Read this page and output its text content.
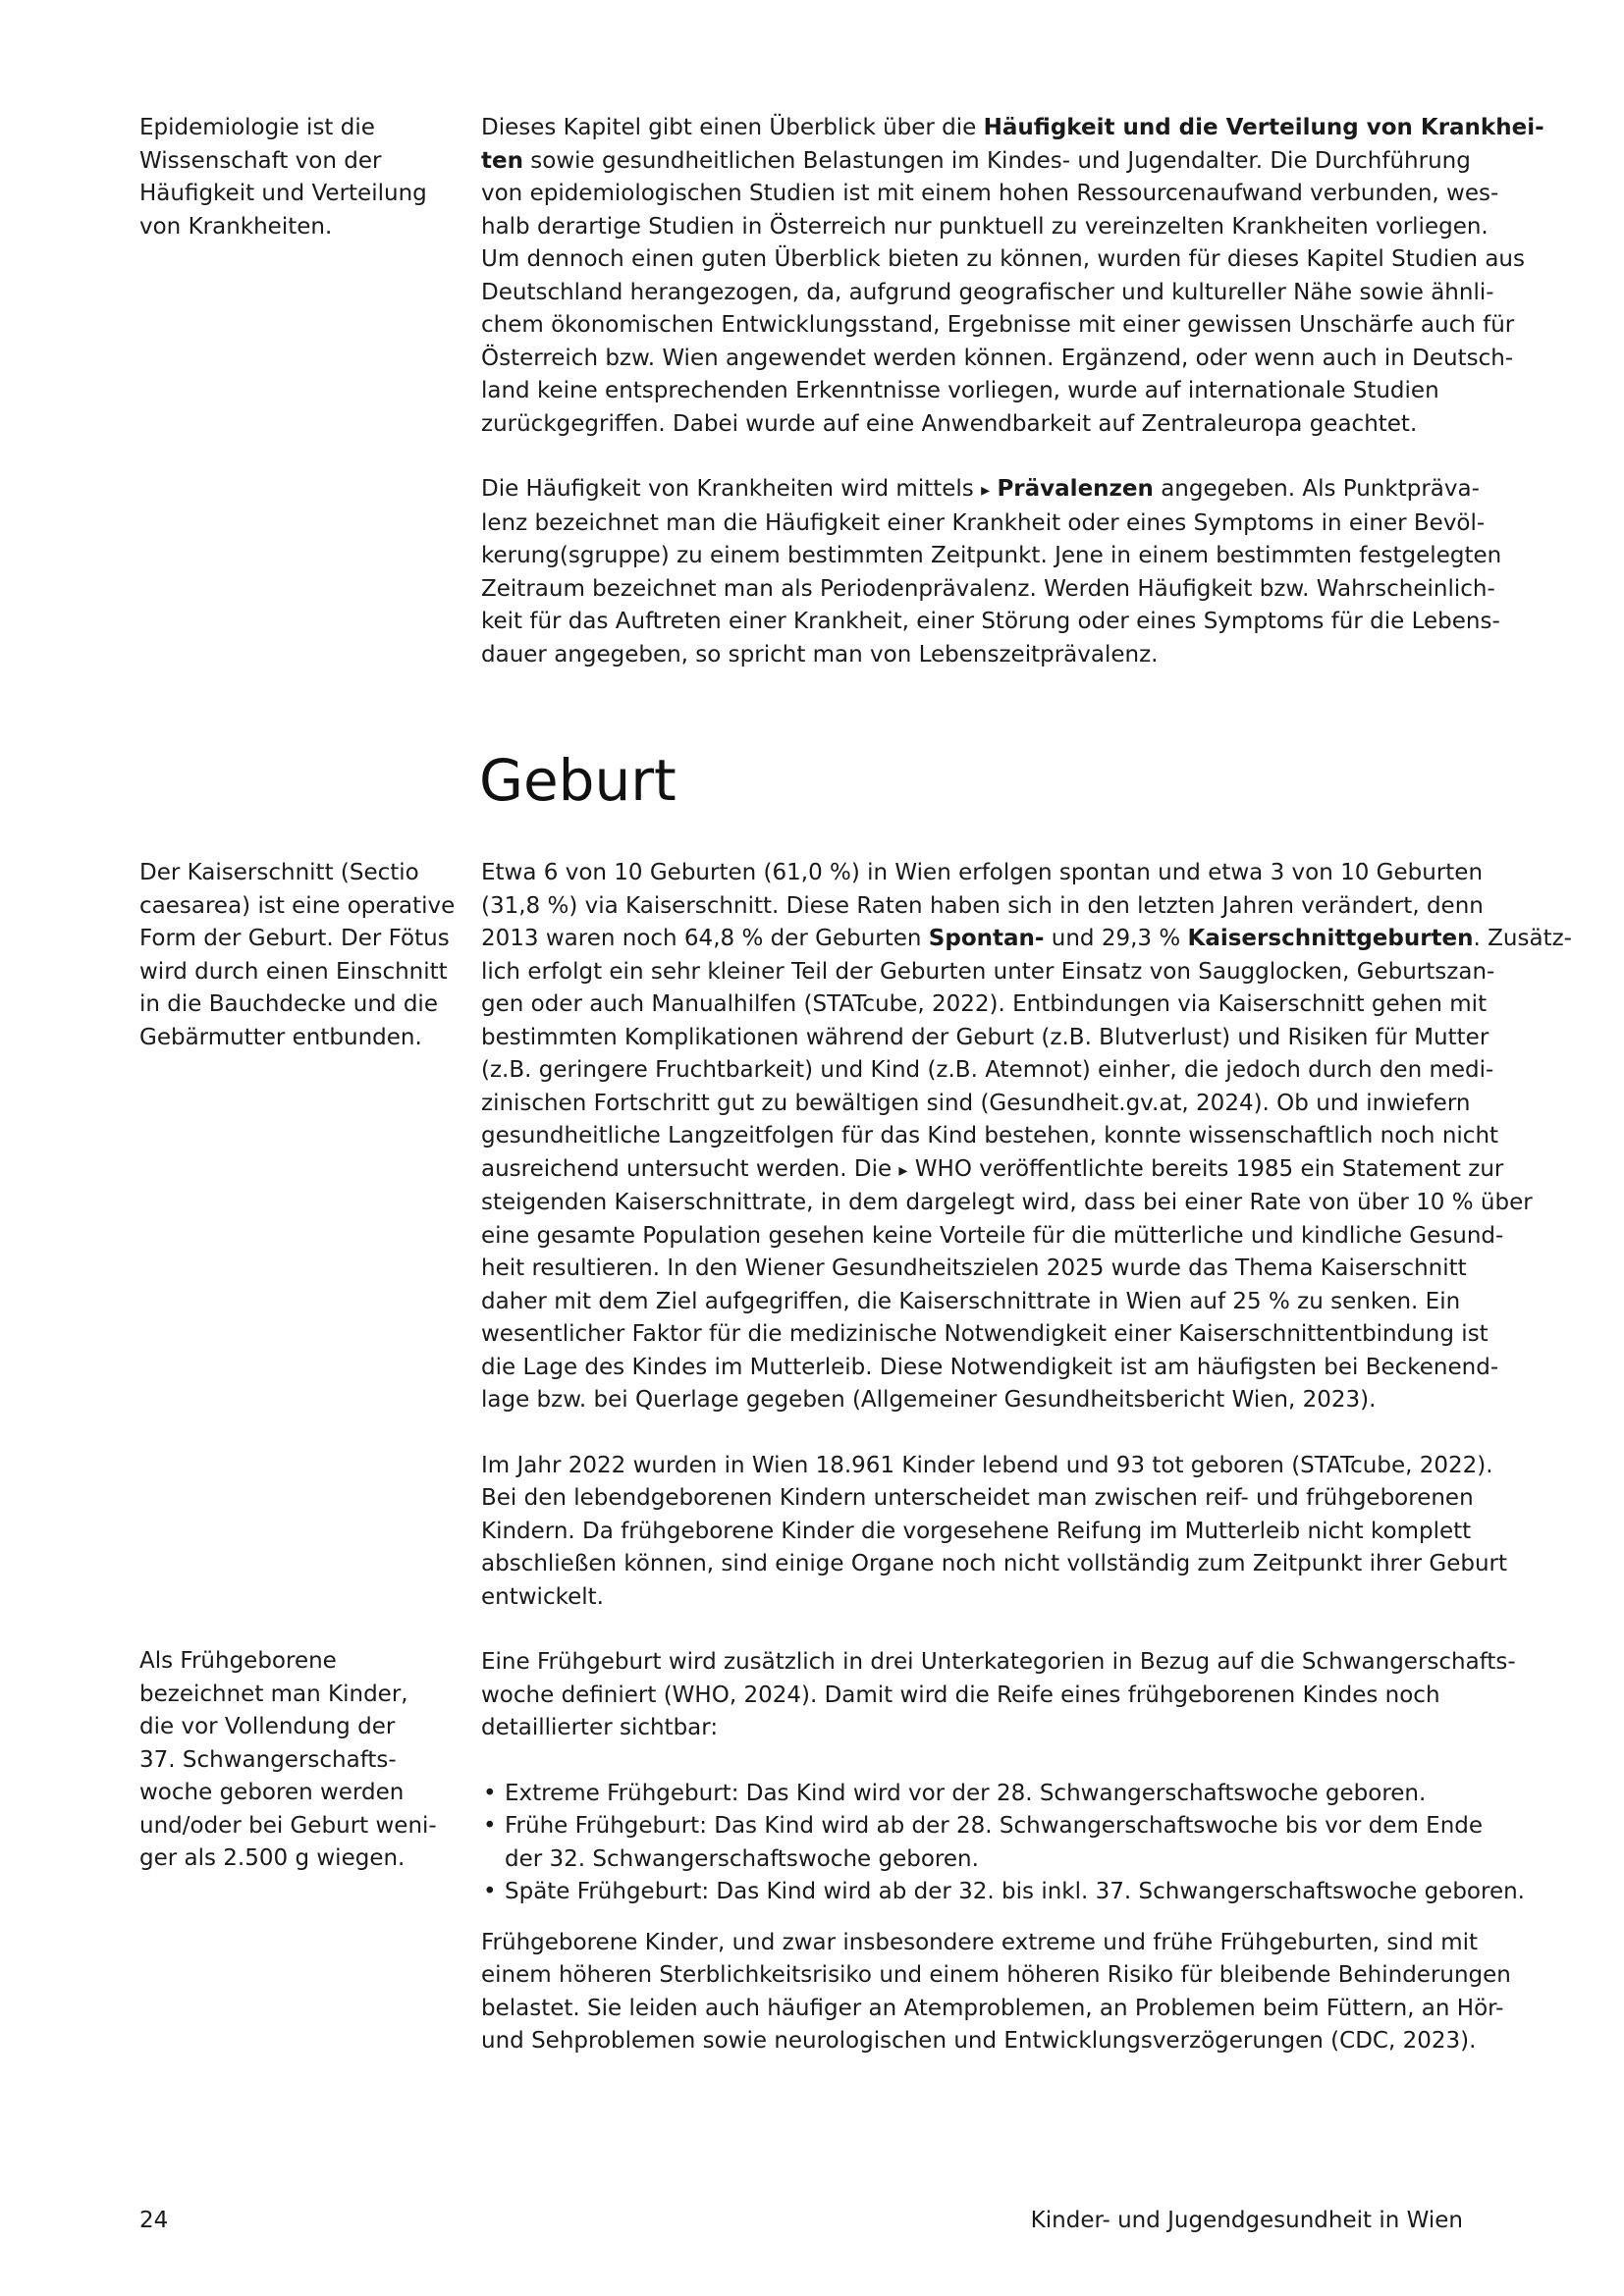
Epidemiologie ist die
Wissenschaft von der
Häufigkeit und Verteilung
von Krankheiten.

Dieses Kapitel gibt einen Überblick über die Häufigkeit und die Verteilung von Krankhei-
ten sowie gesundheitlichen Belastungen im Kindes- und Jugendalter. Die Durchführung
von epidemiologischen Studien ist mit einem hohen Ressourcenaufwand verbunden, wes-
halb derartige Studien in Österreich nur punktuell zu vereinzelten Krankheiten vorliegen.
Um dennoch einen guten Überblick bieten zu können, wurden für dieses Kapitel Studien aus
Deutschland herangezogen, da, aufgrund geografischer und kultureller Nähe sowie ähnli-
chem ökonomischen Entwicklungsstand, Ergebnisse mit einer gewissen Unschärfe auch für
Österreich bzw. Wien angewendet werden können. Ergänzend, oder wenn auch in Deutsch-
land keine entsprechenden Erkenntnisse vorliegen, wurde auf internationale Studien
zurückgegriffen. Dabei wurde auf eine Anwendbarkeit auf Zentraleuropa geachtet.

Die Häufigkeit von Krankheiten wird mittels ▸ Prävalenzen angegeben. Als Punktpräva-
lenz bezeichnet man die Häufigkeit einer Krankheit oder eines Symptoms in einer Bevöl-
kerung(sgruppe) zu einem bestimmten Zeitpunkt. Jene in einem bestimmten festgelegten
Zeitraum bezeichnet man als Periodenprävalenz. Werden Häufigkeit bzw. Wahrscheinlich-
keit für das Auftreten einer Krankheit, einer Störung oder eines Symptoms für die Lebens-
dauer angegeben, so spricht man von Lebenszeitprävalenz.

Geburt
Der Kaiserschnitt (Sectio
caesarea) ist eine operative
Form der Geburt. Der Fötus
wird durch einen Einschnitt
in die Bauchdecke und die
Gebärmutter entbunden.

Etwa 6 von 10 Geburten (61,0 %) in Wien erfolgen spontan und etwa 3 von 10 Geburten
(31,8 %) via Kaiserschnitt. Diese Raten haben sich in den letzten Jahren verändert, denn
2013 waren noch 64,8 % der Geburten Spontan- und 29,3 % Kaiserschnittgeburten. Zusätz-
lich erfolgt ein sehr kleiner Teil der Geburten unter Einsatz von Saugglocken, Geburtszan-
gen oder auch Manualhilfen (STATcube, 2022). Entbindungen via Kaiserschnitt gehen mit
bestimmten Komplikationen während der Geburt (z.B. Blutverlust) und Risiken für Mutter
(z.B. geringere Fruchtbarkeit) und Kind (z.B. Atemnot) einher, die jedoch durch den medi-
zinischen Fortschritt gut zu bewältigen sind (Gesundheit.gv.at, 2024). Ob und inwiefern
gesundheitliche Langzeitfolgen für das Kind bestehen, konnte wissenschaftlich noch nicht
ausreichend untersucht werden. Die ▸ WHO veröffentlichte bereits 1985 ein Statement zur
steigenden Kaiserschnittrate, in dem dargelegt wird, dass bei einer Rate von über 10 % über
eine gesamte Population gesehen keine Vorteile für die mütterliche und kindliche Gesund-
heit resultieren. In den Wiener Gesundheitszielen 2025 wurde das Thema Kaiserschnitt
daher mit dem Ziel aufgegriffen, die Kaiserschnittrate in Wien auf 25 % zu senken. Ein
wesentlicher Faktor für die medizinische Notwendigkeit einer Kaiserschnittentbindung ist
die Lage des Kindes im Mutterleib. Diese Notwendigkeit ist am häufigsten bei Beckenend-
lage bzw. bei Querlage gegeben (Allgemeiner Gesundheitsbericht Wien, 2023).

Im Jahr 2022 wurden in Wien 18.961 Kinder lebend und 93 tot geboren (STATcube, 2022).
Bei den lebendgeborenen Kindern unterscheidet man zwischen reif- und frühgeborenen
Kindern. Da frühgeborene Kinder die vorgesehene Reifung im Mutterleib nicht komplett
abschließen können, sind einige Organe noch nicht vollständig zum Zeitpunkt ihrer Geburt
entwickelt.

Eine Frühgeburt wird zusätzlich in drei Unterkategorien in Bezug auf die Schwangerschafts-
woche definiert (WHO, 2024). Damit wird die Reife eines frühgeborenen Kindes noch
detaillierter sichtbar:

• Extreme Frühgeburt: Das Kind wird vor der 28. Schwangerschaftswoche geboren.
• Frühe Frühgeburt: Das Kind wird ab der 28. Schwangerschaftswoche bis vor dem Ende
der 32. Schwangerschaftswoche geboren.
• Späte Frühgeburt: Das Kind wird ab der 32. bis inkl. 37. Schwangerschaftswoche geboren.

Frühgeborene Kinder, und zwar insbesondere extreme und frühe Frühgeburten, sind mit
einem höheren Sterblichkeitsrisiko und einem höheren Risiko für bleibende Behinderungen
belastet. Sie leiden auch häufiger an Atemproblemen, an Problemen beim Füttern, an Hör-
und Sehproblemen sowie neurologischen und Entwicklungsverzögerungen (CDC, 2023).

Als Frühgeborene
bezeichnet man Kinder,
die vor Vollendung der
37. Schwangerschafts-
woche geboren werden
und/oder bei Geburt weni-
ger als 2.500 g wiegen.
24	Kinder- und Jugendgesundheit in Wien
